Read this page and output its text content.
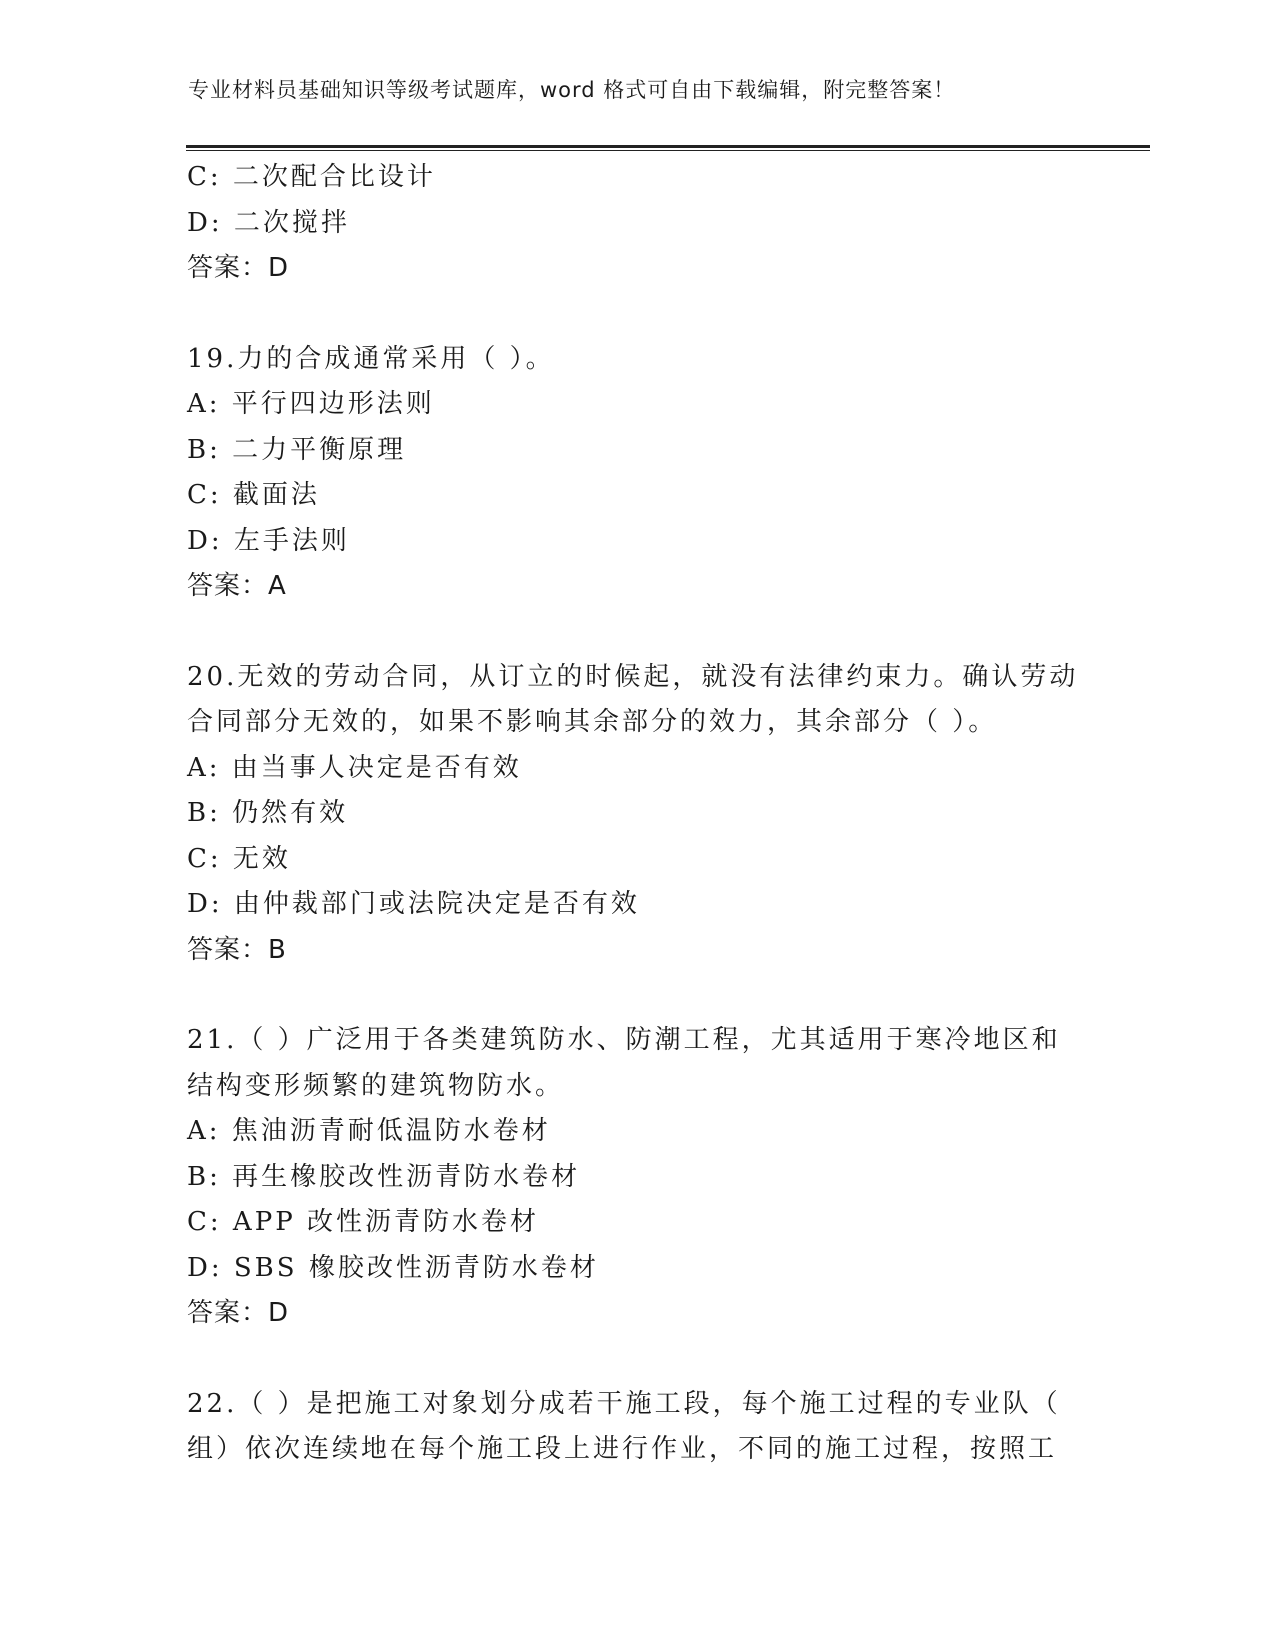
专业材料员基础知识等级考试题库，word 格式可自由下载编辑，附完整答案！
C: 二次配合比设计
D: 二次搅拌
答案：D
19.力的合成通常采用（ ）。
A: 平行四边形法则
B: 二力平衡原理
C: 截面法
D: 左手法则
答案：A
20.无效的劳动合同，从订立的时候起，就没有法律约束力。确认劳动
合同部分无效的，如果不影响其余部分的效力，其余部分（ ）。
A: 由当事人决定是否有效
B: 仍然有效
C: 无效
D: 由仲裁部门或法院决定是否有效
答案：B
21.（ ）广泛用于各类建筑防水、防潮工程，尤其适用于寒冷地区和
结构变形频繁的建筑物防水。
A: 焦油沥青耐低温防水卷材
B: 再生橡胶改性沥青防水卷材
C: APP 改性沥青防水卷材
D: SBS 橡胶改性沥青防水卷材
答案：D
22.（ ）是把施工对象划分成若干施工段，每个施工过程的专业队（
组）依次连续地在每个施工段上进行作业，不同的施工过程，按照工
